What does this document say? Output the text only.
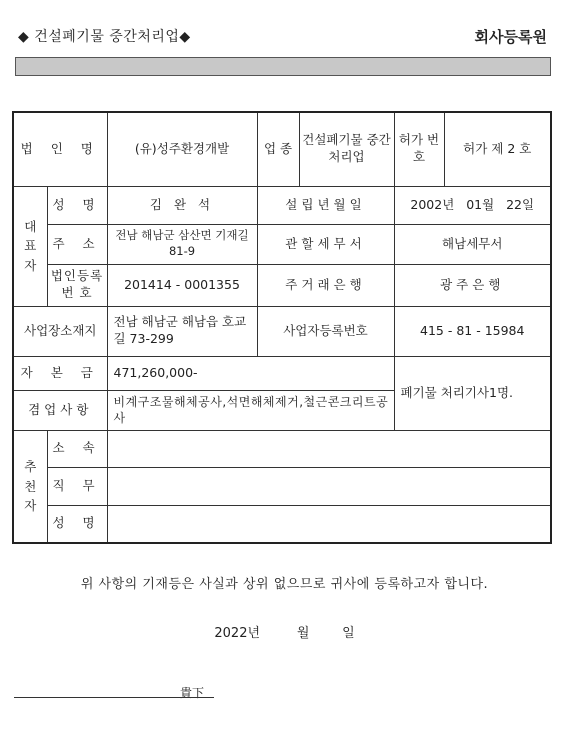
◆ 건설폐기물 중간처리업◆	회사등록원
법 인 명		(유)성주환경개발	업 종	건설폐기물 중간처리업	허가 번호	허가 제 2 호

대
표
자	성 명	김 완 석	설립년월일		2002년 01월 22일	
	주 소	전남 해남군 삼산면 기재길 81-9	관할세무서		해남세무서	
	법인등록 번 호	201414 - 0001355	주거래은행		광주은행	
사업장소재지		전남 해남군 해남읍 호교길 73-299	사업자등록번호		415 - 81 - 15984	
자 본 금		471,260,000-			폐기물 처리기사1명.	
겸업사항		비계구조물해체공사,석면해체제거,철근콘크리트공사				

추
천
자	소 속					
	직 무					
	성 명					
위 사항의 기재등은 사실과 상위 없으므로 귀사에 등록하고자 합니다.
2022년	월	일
貴下
